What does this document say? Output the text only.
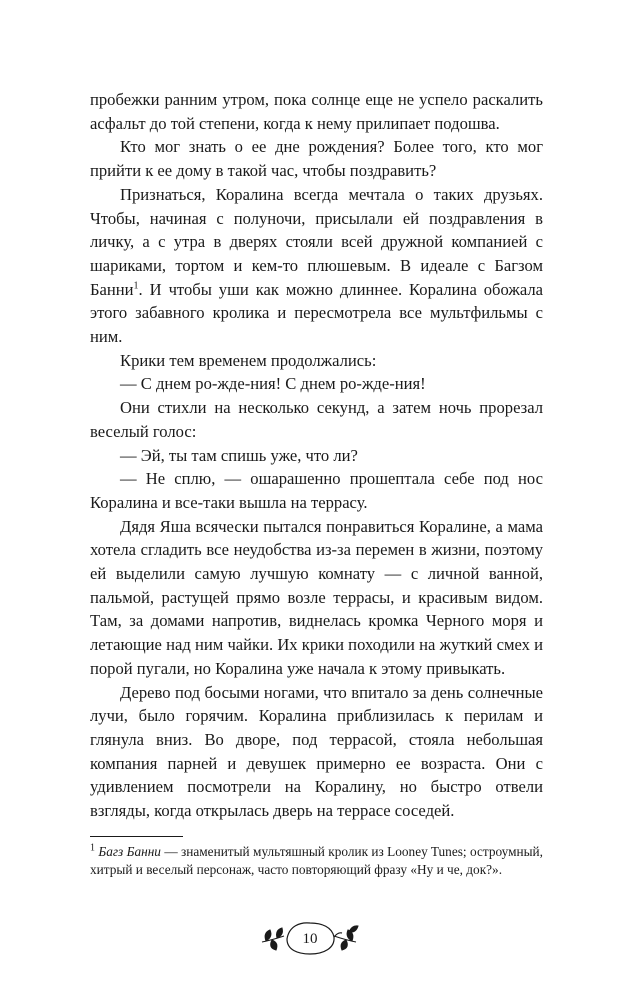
пробежки ранним утром, пока солнце еще не успело раскалить асфальт до той степени, когда к нему прилипает подошва.

Кто мог знать о ее дне рождения? Более того, кто мог прийти к ее дому в такой час, чтобы поздравить?

Признаться, Коралина всегда мечтала о таких друзьях. Чтобы, начиная с полуночи, присылали ей поздравления в личку, а с утра в дверях стояли всей дружной компанией с шариками, тортом и кем-то плюшевым. В идеале с Багзом Банни$^1$. И чтобы уши как можно длиннее. Коралина обожала этого забавного кролика и пересмотрела все мультфильмы с ним.

Крики тем временем продолжались:

— С днем ро-жде-ния! С днем ро-жде-ния!

Они стихли на несколько секунд, а затем ночь прорезал веселый голос:

— Эй, ты там спишь уже, что ли?

— Не сплю, — ошарашенно прошептала себе под нос Коралина и все-таки вышла на террасу.

Дядя Яша всячески пытался понравиться Коралине, а мама хотела сгладить все неудобства из-за перемен в жизни, поэтому ей выделили самую лучшую комнату — с личной ванной, пальмой, растущей прямо возле террасы, и красивым видом. Там, за домами напротив, виднелась кромка Черного моря и летающие над ним чайки. Их крики походили на жуткий смех и порой пугали, но Коралина уже начала к этому привыкать.

Дерево под босыми ногами, что впитало за день солнечные лучи, было горячим. Коралина приблизилась к перилам и глянула вниз. Во дворе, под террасой, стояла небольшая компания парней и девушек примерно ее возраста. Они с удивлением посмотрели на Коралину, но быстро отвели взгляды, когда открылась дверь на террасе соседей.

$^1$ Багз Банни — знаменитый мультяшный кролик из Looney Tunes; остроумный, хитрый и веселый персонаж, часто повторяющий фразу «Ну и че, док?».
10
